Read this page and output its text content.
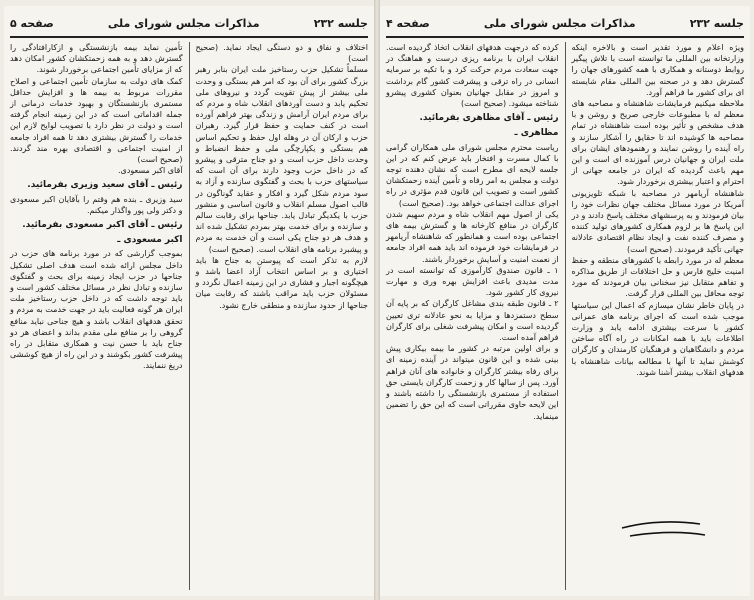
جلسه ۲۳۲
مذاکرات مجلس شورای ملی
صفحه ۵
اختلاف و نفاق و دو دستگی ایجاد نماید. (صحیح است)
مسلماً تشکیل حزب رستاخیز ملت ایران بنابر رهبر بزرگ کشور برای آن بود که امر هم بستگی و وحدت ملی بیشتر از پیش تقویت گردد و نیروهای ملی تحکیم یابد و دست آوردهای انقلاب شاه و مردم که برای مردم ایران آرامش و زندگی بهتر فراهم آورده است در کنف حمایت و حفظ قرار گیرد. رهبران حزب و ارکان آن در وهله اول حفظ و تحکیم اساس هم بستگی و یکپارچگی ملی و حفظ انضباط و وحدت داخل حزب است و دو جناح مترقی و پیشرو که در داخل حزب وجود دارند برای آن است که سیاستهای حزب با بحث و گفتگوی سازنده و آزاد به سود مردم شکل گیرد و افکار و عقاید گوناگون در قالب اصول مسلم انقلاب و قانون اساسی و منشور حزب با یکدیگر تبادل یابد. جناحها برای رقابت سالم و سازنده و برای خدمت بهتر بمردم تشکیل شده اند و هدف هر دو جناح یکی است و آن خدمت به مردم و پیشبرد برنامه های انقلاب است. (صحیح است)
لازم به تذکر است که پیوستن به جناح ها باید اختیاری و بر اساس انتخاب آزاد اعضا باشد و هیچگونه اجبار و فشاری در این زمینه اعمال نگردد و مسئولان حزب باید مراقب باشند که رقابت میان جناحها از حدود سازنده و منطقی خارج نشود.
تأمین نماید بیمه بازنشستگی و ازکارافتادگی را گسترش دهد و به همه زحمتکشان کشور امکان دهد که از مزایای تأمین اجتماعی برخوردار شوند.
کمک های دولت به سازمان تأمین اجتماعی و اصلاح مقررات مربوط به بیمه ها و افزایش حداقل مستمری بازنشستگان و بهبود خدمات درمانی از جمله اقداماتی است که در این زمینه انجام گرفته است و دولت در نظر دارد با تصویب لوایح لازم این خدمات را گسترش بیشتری دهد تا همه افراد جامعه از امنیت اجتماعی و اقتصادی بهره مند گردند. (صحیح است)
آقای اکبر مسعودی.
رئیس ـ آقای سعید وزیری بفرمائید.
سید وزیری ـ بنده هم وقتم را بآقایان اکبر مسعودی و دکتر ولی پور واگذار میکنم.
رئیس ـ آقای اکبر مسعودی بفرمائید.
اکبر مسعودی ـ
بموجب گزارشی که در مورد برنامه های حزب در داخل مجلس ارائه شده است هدف اصلی تشکیل جناحها در حزب ایجاد زمینه برای بحث و گفتگوی سازنده و تبادل نظر در مسائل مختلف کشور است و باید توجه داشت که در داخل حزب رستاخیز ملت ایران هر گونه فعالیت باید در جهت خدمت به مردم و تحقق هدفهای انقلاب باشد و هیچ جناحی نباید منافع گروهی را بر منافع ملی مقدم بداند و اعضای هر دو جناح باید با حسن نیت و همکاری متقابل در راه پیشرفت کشور بکوشند و در این راه از هیچ کوششی دریغ ننمایند.
جلسه ۲۳۲
مذاکرات مجلس شورای ملی
صفحه ۴
ویژه اعلام و مورد تقدیر است و بالاخره اینکه وزارتخانه بین المللی ما توانسته است با تلاش پیگیر روابط دوستانه و همکاری با همه کشورهای جهان را گسترش دهد و در صحنه بین المللی مقام شایسته ای برای کشور ما فراهم آورد.
ملاحظه میکنیم فرمایشات شاهنشاه و مصاحبه های معظم له با مطبوعات خارجی صریح و روشن و با هدف مشخص و تأثیر بوده است شاهنشاه در تمام مصاحبه ها کوشیده اند تا حقایق را آشکار سازند و راه آینده را روشن نمایند و رهنمودهای ایشان برای ملت ایران و جهانیان درس آموزنده ای است و این مهم باعث گردیده که ایران در جامعه جهانی از احترام و اعتبار بیشتری برخوردار شود.
شاهنشاه آریامهر در مصاحبه با شبکه تلویزیونی آمریکا در مورد مسائل مختلف جهان نظرات خود را بیان فرمودند و به پرسشهای مختلف پاسخ دادند و در این پاسخ ها بر لزوم همکاری کشورهای تولید کننده و مصرف کننده نفت و ایجاد نظام اقتصادی عادلانه جهانی تأکید فرمودند. (صحیح است)
معظم له در مورد رابطه با کشورهای منطقه و حفظ امنیت خلیج فارس و حل اختلافات از طریق مذاکره و تفاهم متقابل نیز سخنانی بیان فرمودند که مورد توجه محافل بین المللی قرار گرفت.
در پایان خاطر نشان میسازم که اعمال این سیاستها موجب شده است که اجرای برنامه های عمرانی کشور با سرعت بیشتری ادامه یابد و وزارت اطلاعات باید با همه امکانات در راه آگاه ساختن مردم و دانشگاهیان و فرهنگیان کارمندان و کارگران کوشش نماید تا آنها با مطالعه بیانات شاهنشاه با هدفهای انقلاب بیشتر آشنا شوند.
کرده که درجهت هدفهای انقلاب اتخاذ گردیده است. انقلاب ایران با برنامه ریزی درست و هماهنگ در جهت سعادت مردم حرکت کرد و با تکیه بر سرمایه انسانی در راه ترقی و پیشرفت کشور گام برداشت و امروز در مقابل جهانیان بعنوان کشوری پیشرو شناخته میشود. (صحیح است)
رئیس ـ آقای مظاهری بفرمائید.
مظاهری ـ
ریاست محترم مجلس شورای ملی همکاران گرامی با کمال مسرت و افتخار باید عرض کنم که در این جلسه لایحه ای مطرح است که نشان دهنده توجه دولت و مجلس به امر رفاه و تأمین آینده زحمتکشان کشور است و تصویب این قانون قدم مؤثری در راه اجرای عدالت اجتماعی خواهد بود. (صحیح است)
یکی از اصول مهم انقلاب شاه و مردم سهیم شدن کارگران در منافع کارخانه ها و گسترش بیمه های اجتماعی بوده است و همانطور که شاهنشاه آریامهر در فرمایشات خود فرموده اند باید همه افراد جامعه از نعمت امنیت و آسایش برخوردار باشند.
۱ ـ قانون صندوق کارآموزی که توانسته است در مدت مدیدی باعث افزایش بهره وری و مهارت نیروی کار کشور شود.
۲ ـ قانون طبقه بندی مشاغل کارگران که بر پایه آن سطح دستمزدها و مزایا به نحو عادلانه تری تعیین گردیده است و امکان پیشرفت شغلی برای کارگران فراهم آمده است.
و برای اولین مرتبه در کشور ما بیمه بیکاری پیش بینی شده و این قانون میتواند در آینده زمینه ای برای رفاه بیشتر کارگران و خانواده های آنان فراهم آورد. پس از سالها کار و زحمت کارگران بایستی حق استفاده از مستمری بازنشستگی را داشته باشند و این لایحه حاوی مقرراتی است که این حق را تضمین مینماید.
